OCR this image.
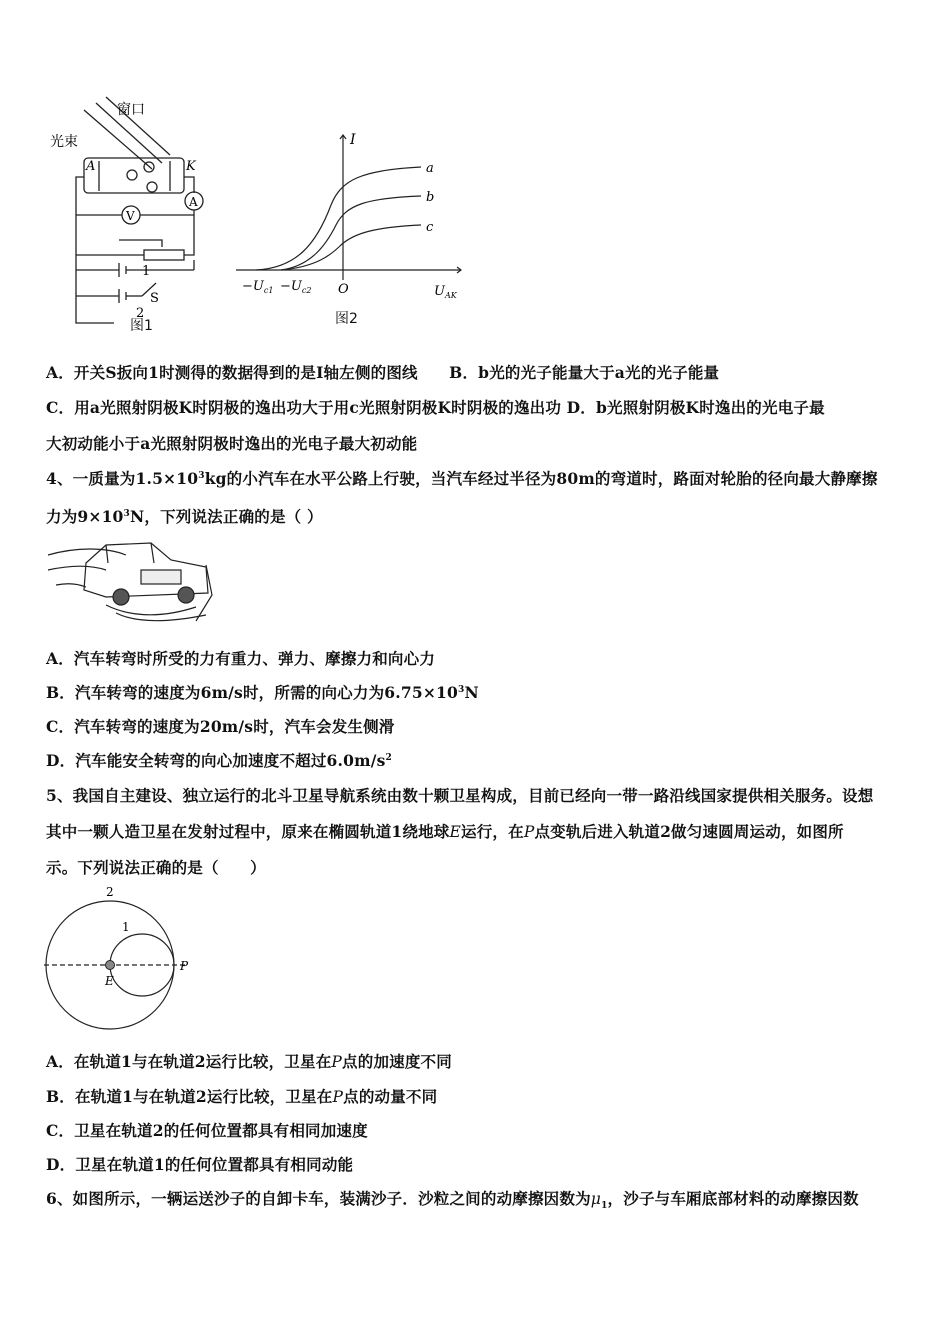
窗口
光束
A	K
V
A
1
2
S
图1
I
a
b
c
$-U_{c1} -U_{c2}$ O	$U_{AK}$
图2
A．开关S扳向1时测得的数据得到的是I轴左侧的图线　　B．b光的光子能量大于a光的光子能量
C．用a光照射阴极K时阴极的逸出功大于用c光照射阴极K时阴极的逸出功 D．b光照射阴极K时逸出的光电子最
大初动能小于a光照射阴极时逸出的光电子最大初动能
4、一质量为$1.5\times 10^3kg$的小汽车在水平公路上行驶，当汽车经过半径为80m的弯道时，路面对轮胎的径向最大静摩擦
力为$9\times 10^3N$，下列说法正确的是（ ）
A．汽车转弯时所受的力有重力、弹力、摩擦力和向心力
B．汽车转弯的速度为6m/s时，所需的向心力为$6.75\times 10^3N$
C．汽车转弯的速度为20m/s时，汽车会发生侧滑
D．汽车能安全转弯的向心加速度不超过$6.0m/s^2$
5、我国自主建设、独立运行的北斗卫星导航系统由数十颗卫星构成，目前已经向一带一路沿线国家提供相关服务。设想
其中一颗人造卫星在发射过程中，原来在椭圆轨道1绕地球E运行，在P点变轨后进入轨道2做匀速圆周运动，如图所
示。下列说法正确的是（　　）
2
1
P
E
A．在轨道1与在轨道2运行比较，卫星在P点的加速度不同
B．在轨道1与在轨道2运行比较，卫星在P点的动量不同
C．卫星在轨道2的任何位置都具有相同加速度
D．卫星在轨道1的任何位置都具有相同动能
6、如图所示，一辆运送沙子的自卸卡车，装满沙子．沙粒之间的动摩擦因数为$\mu_1$，沙子与车厢底部材料的动摩擦因数
